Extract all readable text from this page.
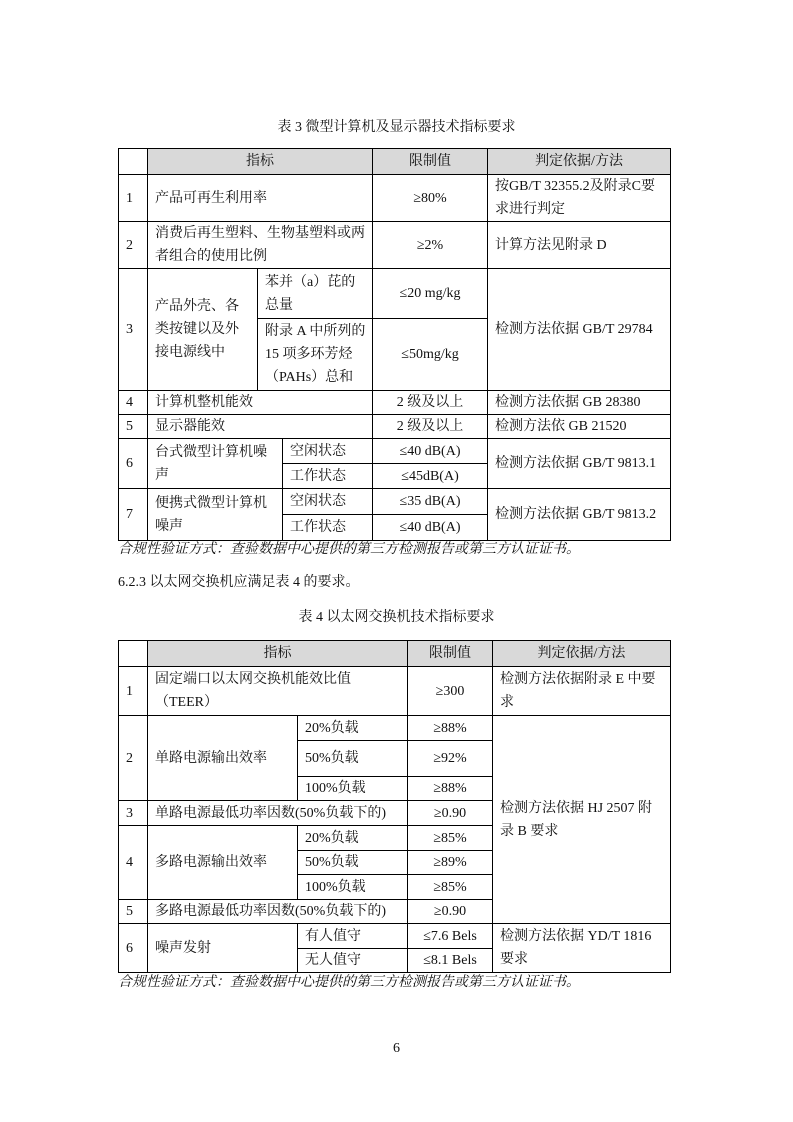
表 3 微型计算机及显示器技术指标要求
	指标			限制值	判定依据/方法
1	产品可再生利用率			≥80%	按GB/T 32355.2及附录C要求进行判定
2	消费后再生塑料、生物基塑料或两者组合的使用比例			≥2%	计算方法见附录 D
3	产品外壳、各类按键以及外接电源线中	苯并（a）芘的总量		≤20 mg/kg	检测方法依据 GB/T 29784
		附录 A 中所列的 15 项多环芳烃（PAHs）总和		≤50mg/kg	
4	计算机整机能效			2 级及以上	检测方法依据 GB 28380
5	显示器能效			2 级及以上	检测方法依 GB 21520
6	台式微型计算机噪声		空闲状态	≤40 dB(A)	检测方法依据 GB/T 9813.1
			工作状态	≤45dB(A)	
7	便携式微型计算机噪声		空闲状态	≤35 dB(A)	检测方法依据 GB/T 9813.2
			工作状态	≤40 dB(A)	
合规性验证方式：查验数据中心提供的第三方检测报告或第三方认证证书。
6.2.3 以太网交换机应满足表 4 的要求。
表 4 以太网交换机技术指标要求
	指标		限制值	判定依据/方法
1	固定端口以太网交换机能效比值（TEER）		≥300	检测方法依据附录 E 中要求
2	单路电源输出效率	20%负载	≥88%	检测方法依据 HJ 2507 附录 B 要求
		50%负载	≥92%	
		100%负载	≥88%	
3	单路电源最低功率因数(50%负载下的)		≥0.90	
4	多路电源输出效率	20%负载	≥85%	
		50%负载	≥89%	
		100%负载	≥85%	
5	多路电源最低功率因数(50%负载下的)		≥0.90	
6	噪声发射	有人值守	≤7.6 Bels	检测方法依据 YD/T 1816 要求
		无人值守	≤8.1 Bels	
合规性验证方式：查验数据中心提供的第三方检测报告或第三方认证证书。
6
